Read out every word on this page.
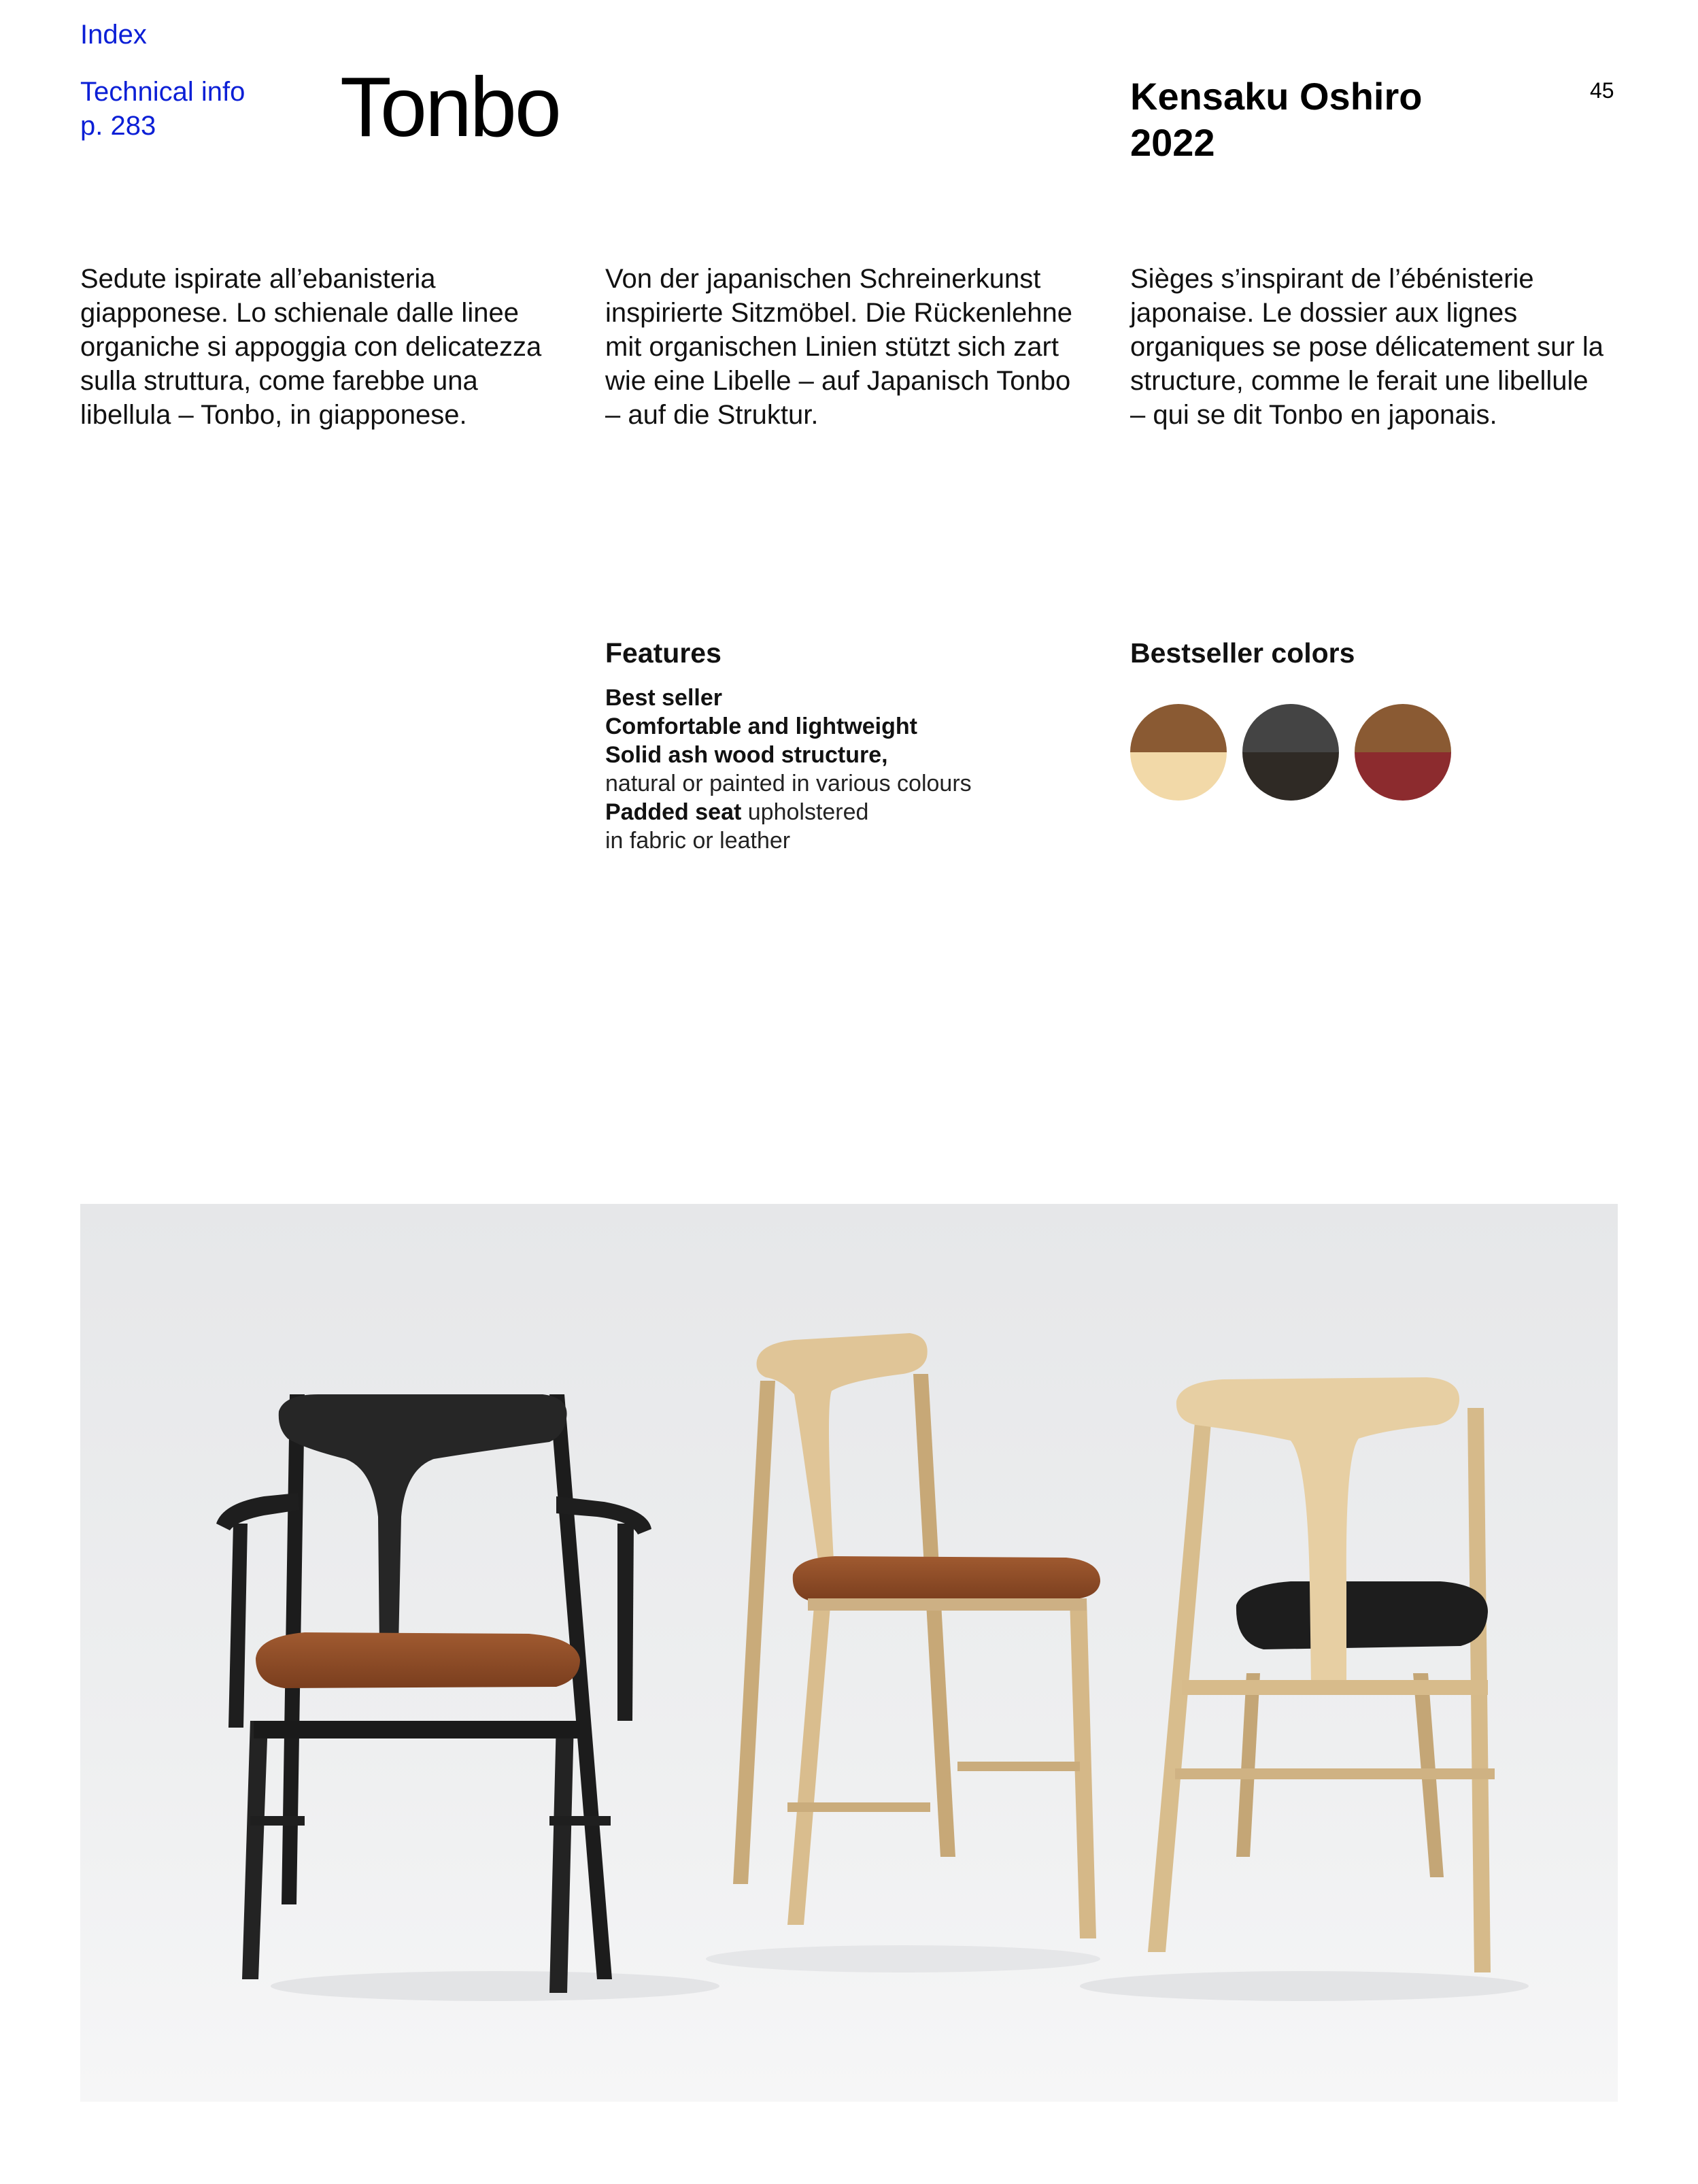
Index
Technical info
p. 283	Tonbo	Kensaku Oshiro
2022
45
Sedute ispirate all’ebanisteria giapponese. Lo schienale dalle linee organiche si appoggia con delicatezza sulla struttura, come farebbe una libellula – Tonbo, in giapponese.
Von der japanischen Schreinerkunst inspirierte Sitzmöbel. Die Rückenlehne mit organischen Linien stützt sich zart wie eine Libelle – auf Japanisch Tonbo – auf die Struktur.
Sièges s’inspirant de l’ébénisterie japonaise. Le dossier aux lignes organiques se pose délicatement sur la structure, comme le ferait une libellule – qui se dit Tonbo en japonais.
Features
Best seller
Comfortable and lightweight
Solid ash wood structure,
natural or painted in various colours
Padded seat upholstered
in fabric or leather
Bestseller colors
